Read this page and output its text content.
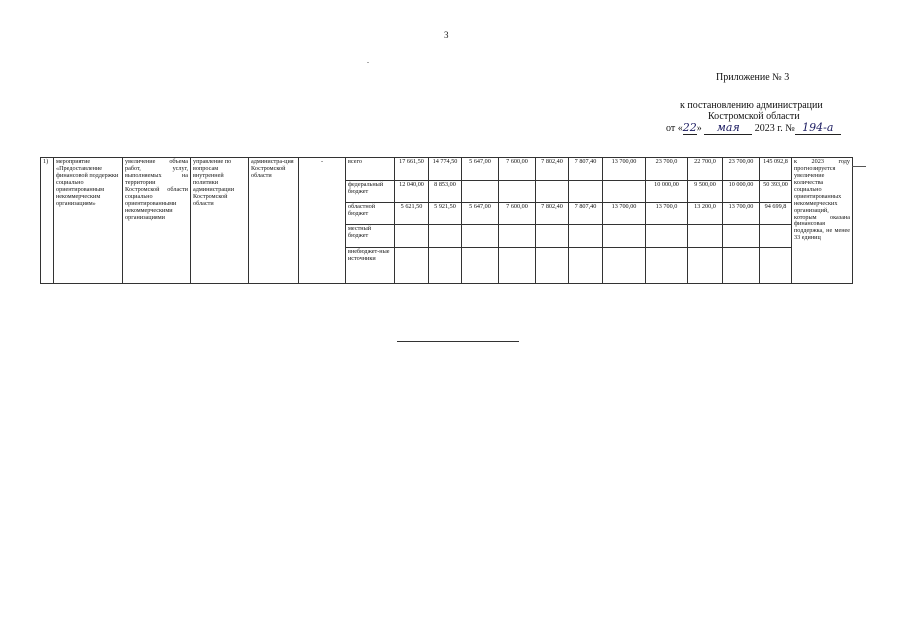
3
-
Приложение № 3
к постановлению администрации
Костромской области
от «22» мая 2023 г. № 194-а
1)	мероприятие «Предоставление финансовой поддержки социально ориентированным некоммерческим организациям»	увеличение объема работ, услуг, выполняемых на территории Костромской области социально ориентированными некоммерческими организациями	управление по вопросам внутренней политики администрации Костромской области	администра-ция Костромской области	-	всего	17 661,50	14 774,50	5 647,00	7 600,00	7 802,40	7 807,40	13 700,00	23 700,0	22 700,0	23 700,00	145 092,8	к 2023 году прогнозируется увеличение количества социально ориентированных некоммерческих организаций, которым оказана финансовая поддержка, не менее 33 единиц
						федеральный бюджет	12 040,00	8 853,00						10 000,00	9 500,00	10 000,00	50 393,00	
						областной бюджет	5 621,50	5 921,50	5 647,00	7 600,00	7 802,40	7 807,40	13 700,00	13 700,0	13 200,0	13 700,00	94 699,8	
						местный бюджет												
						внебюджет-ные источники												
